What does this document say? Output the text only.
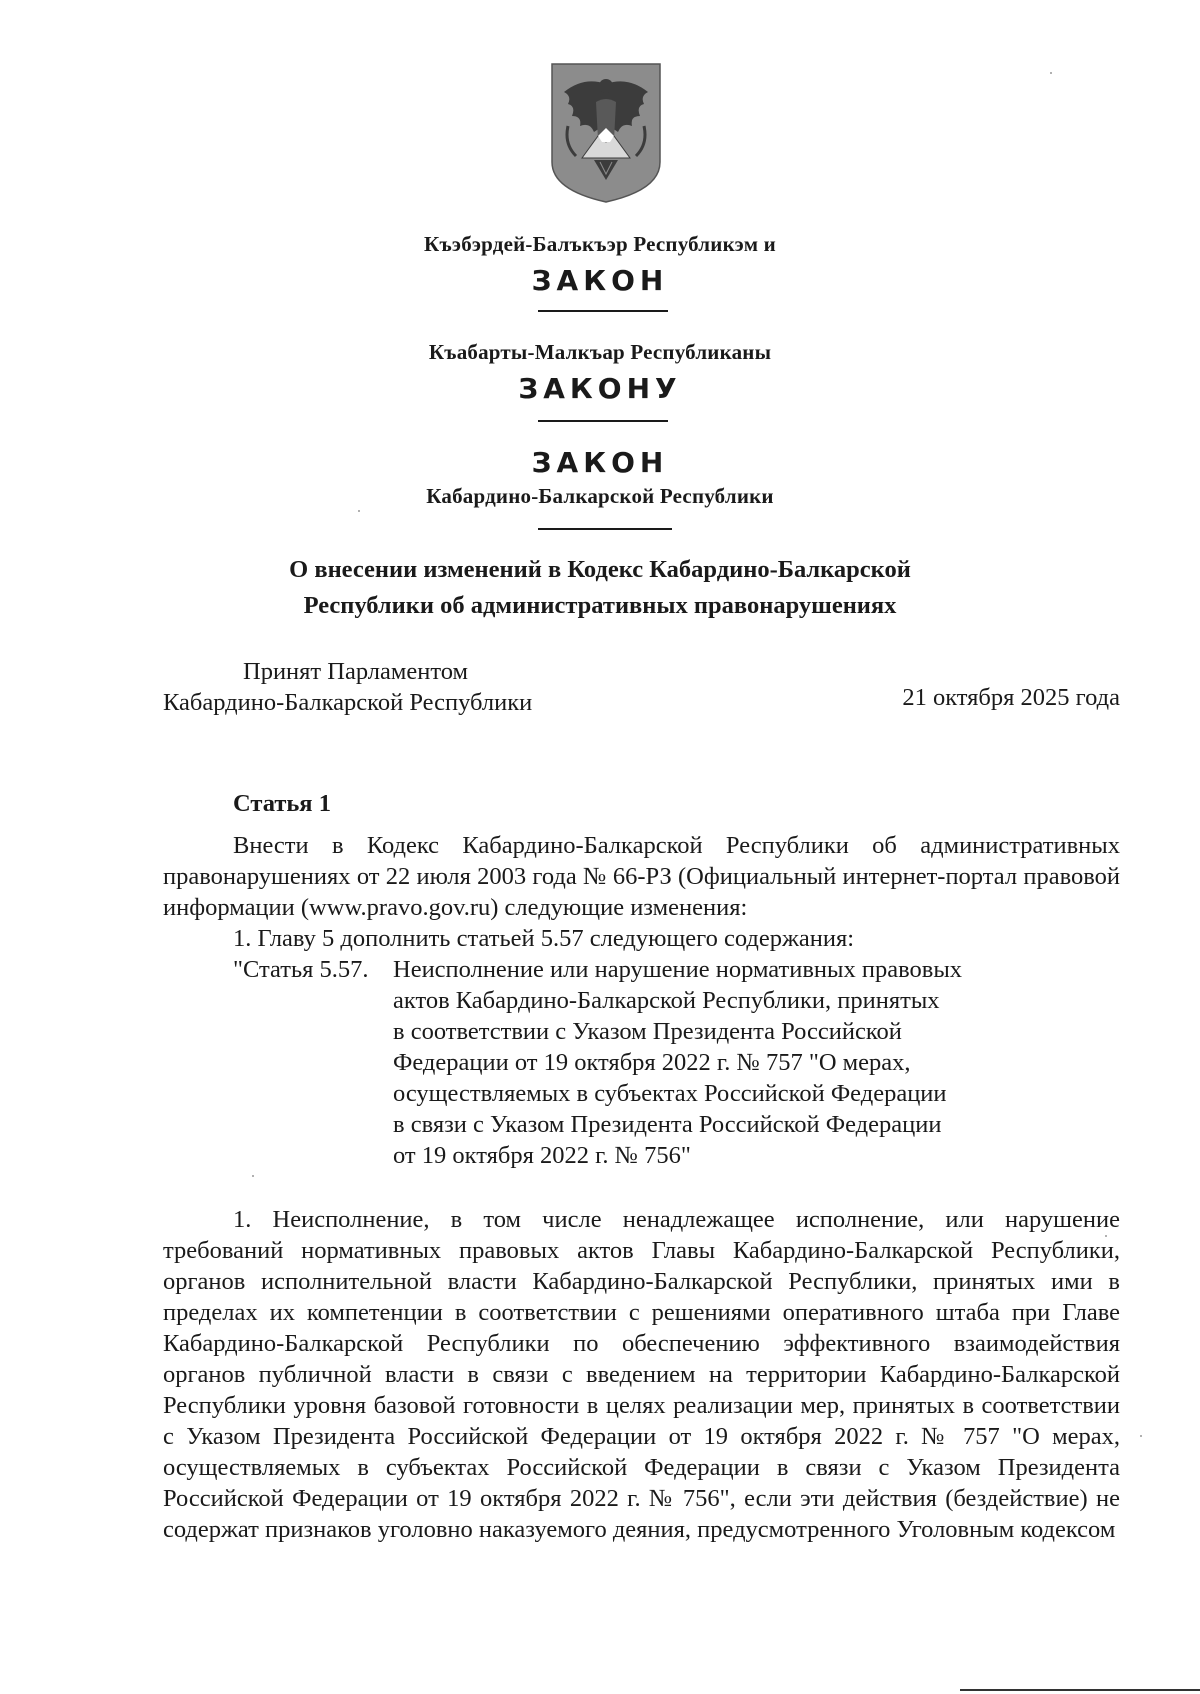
Къэбэрдей-Балъкъэр Республикэм и
ЗАКОН
Къабарты-Малкъар Республиканы
ЗАКОНУ
ЗАКОН
Кабардино-Балкарской Республики
О внесении изменений в Кодекс Кабардино-Балкарской
Республики об административных правонарушениях
Принят Парламентом
Кабардино-Балкарской Республики	21 октября 2025 года
Статья 1

Внести в Кодекс Кабардино-Балкарской Республики об административных правонарушениях от 22 июля 2003 года № 66-РЗ (Официальный интернет-портал правовой информации (www.pravo.gov.ru) следующие изменения:

1. Главу 5 дополнить статьей 5.57 следующего содержания:
"Статья 5.57. Неисполнение или нарушение нормативных правовых
актов Кабардино-Балкарской Республики, принятых
в соответствии с Указом Президента Российской
Федерации от 19 октября 2022 г. № 757 "О мерах,
осуществляемых в субъектах Российской Федерации
в связи с Указом Президента Российской Федерации
от 19 октября 2022 г. № 756"

1. Неисполнение, в том числе ненадлежащее исполнение, или нарушение требований нормативных правовых актов Главы Кабардино-Балкарской Республики, органов исполнительной власти Кабардино-Балкарской Республики, принятых ими в пределах их компетенции в соответствии с решениями оперативного штаба при Главе Кабардино-Балкарской Республики по обеспечению эффективного взаимодействия органов публичной власти в связи с введением на территории Кабардино-Балкарской Республики уровня базовой готовности в целях реализации мер, принятых в соответствии с Указом Президента Российской Федерации от 19 октября 2022 г. № 757 "О мерах, осуществляемых в субъектах Российской Федерации в связи с Указом Президента Российской Федерации от 19 октября 2022 г. № 756", если эти действия (бездействие) не содержат признаков уголовно наказуемого деяния, предусмотренного Уголовным кодексом
